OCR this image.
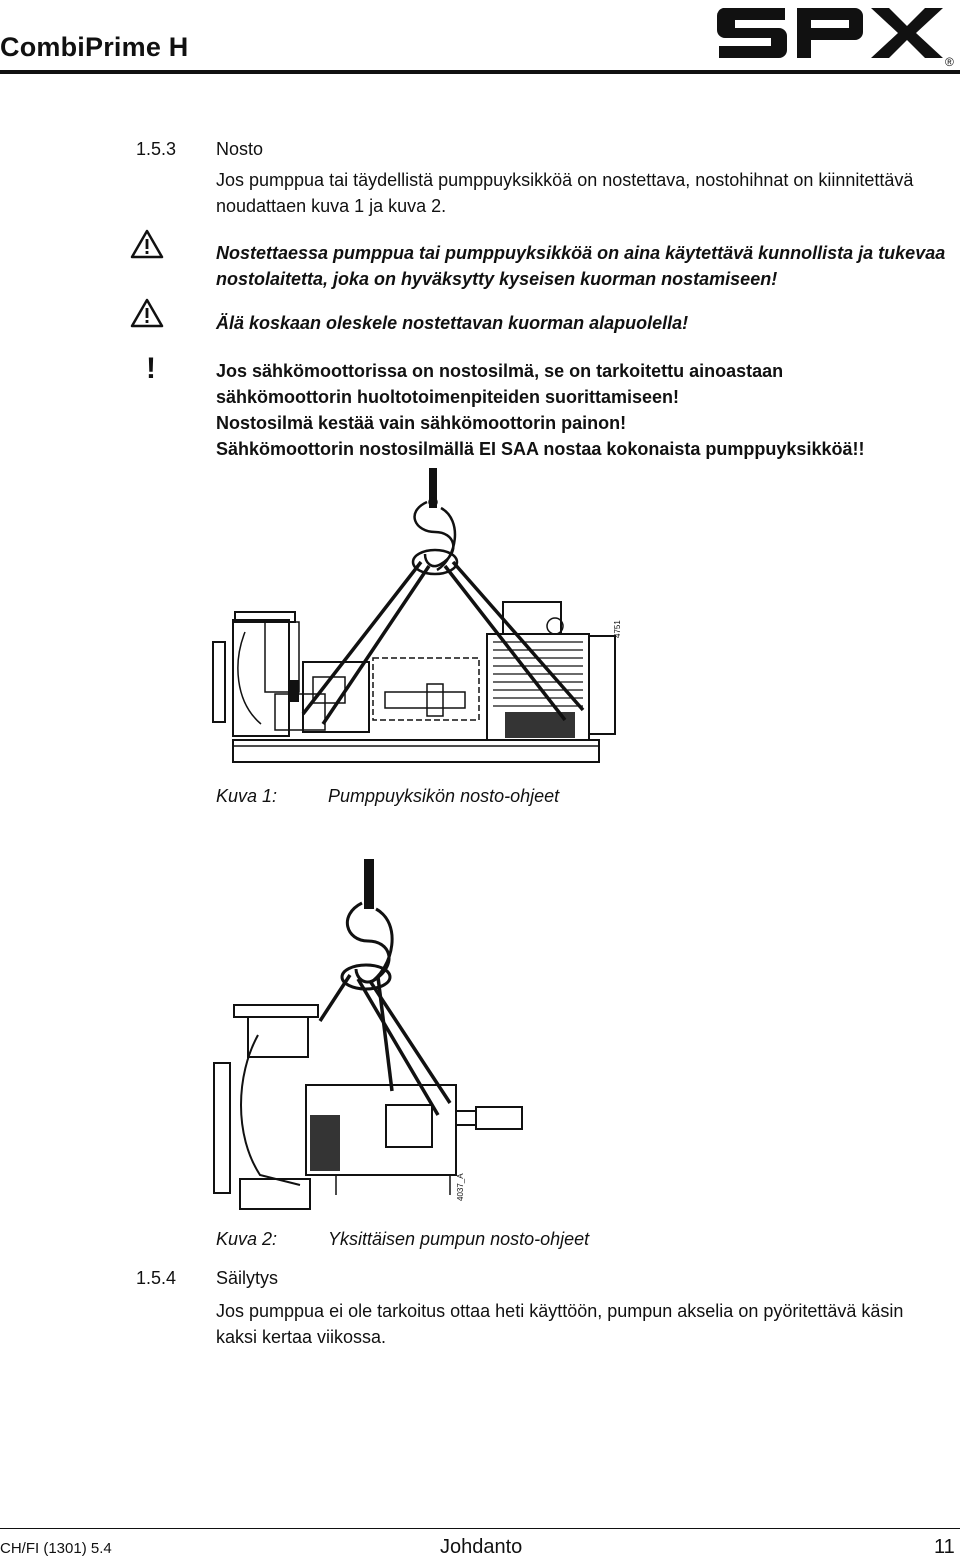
CombiPrime H	®
1.5.3 Nosto
Jos pumppua tai täydellistä pumppuyksikköä on nostettava, nostohihnat on kiinnitettävä noudattaen kuva 1 ja kuva 2.
Nostettaessa pumppua tai pumppuyksikköä on aina käytettävä kunnollista ja tukevaa nostolaitetta, joka on hyväksytty kyseisen kuorman nostamiseen!
Älä koskaan oleskele nostettavan kuorman alapuolella!
!	Jos sähkömoottorissa on nostosilmä, se on tarkoitettu ainoastaan
sähkömoottorin huoltotoimenpiteiden suorittamiseen!
Nostosilmä kestää vain sähkömoottorin painon!
Sähkömoottorin nostosilmällä EI SAA nostaa kokonaista pumppuyksikköä!!
4751
Kuva 1:	Pumppuyksikön nosto-ohjeet
4037_A
Kuva 2:	Yksittäisen pumpun nosto-ohjeet
1.5.4 Säilytys
Jos pumppua ei ole tarkoitus ottaa heti käyttöön, pumpun akselia on pyöritettävä käsin kaksi kertaa viikossa.
CH/FI (1301) 5.4	Johdanto	11
